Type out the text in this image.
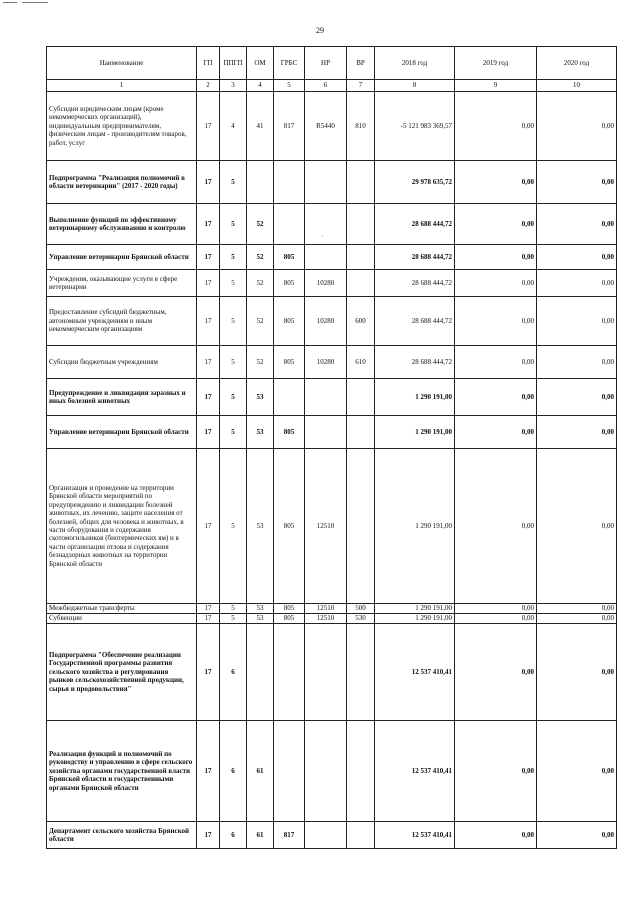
29
Наименование	ГП	ППГП	ОМ	ГРБС	НР	ВР	2018 год	2019 год	2020 год
1	2	3	4	5	6	7	8	9	10
Субсидии юридическим лицам (кроме некоммерческих организаций), индивидуальным предпринимателям, физическим лицам - производителям товаров, работ, услуг	17	4	41	817	R5440	810	-5 121 983 369,57	0,00	0,00
Подпрограмма "Реализация полномочий в области ветеринарии" (2017 - 2020 годы)	17	5					29 978 635,72	0,00	0,00
Выполнение функций по эффективному ветеринарному обслуживанию и контролю	17	5	52				28 688 444,72	0,00	0,00
Управление ветеринарии Брянской области	17	5	52	805			28 688 444,72	0,00	0,00
Учреждения, оказывающие услуги в сфере ветеринарии	17	5	52	805	10280		28 688 444,72	0,00	0,00
Предоставление субсидий бюджетным, автономным учреждениям и иным некоммерческим организациям	17	5	52	805	10280	600	28 688 444,72	0,00	0,00
Субсидии бюджетным учреждениям	17	5	52	805	10280	610	28 688 444,72	0,00	0,00
Предупреждение и ликвидация заразных и иных болезней животных	17	5	53				1 290 191,00	0,00	0,00
Управление ветеринарии Брянской области	17	5	53	805			1 290 191,00	0,00	0,00
Организация и проведение на территории Брянской области мероприятий по предупреждению и ликвидации болезней животных, их лечению, защите населения от болезней, общих для человека и животных, в части оборудования и содержания скотомогильников (биотермических ям) и в части организации отлова и содержания безнадзорных животных на территории Брянской области	17	5	53	805	12510		1 290 191,00	0,00	0,00
Межбюджетные трансферты	17	5	53	805	12510	500	1 290 191,00	0,00	0,00
Субвенции	17	5	53	805	12510	530	1 290 191,00	0,00	0,00
Подпрограмма "Обеспечение реализации Государственной программы развития сельского хозяйства и регулирования рынков сельскохозяйственной продукции, сырья и продовольствия"	17	6					12 537 410,41	0,00	0,00
Реализация функций и полномочий по руководству и управлению в сфере сельского хозяйства органами государственной власти Брянской области и государственными органами Брянской области	17	6	61				12 537 410,41	0,00	0,00
Департамент сельского хозяйства Брянской области	17	6	61	817			12 537 410,41	0,00	0,00
ˎ
